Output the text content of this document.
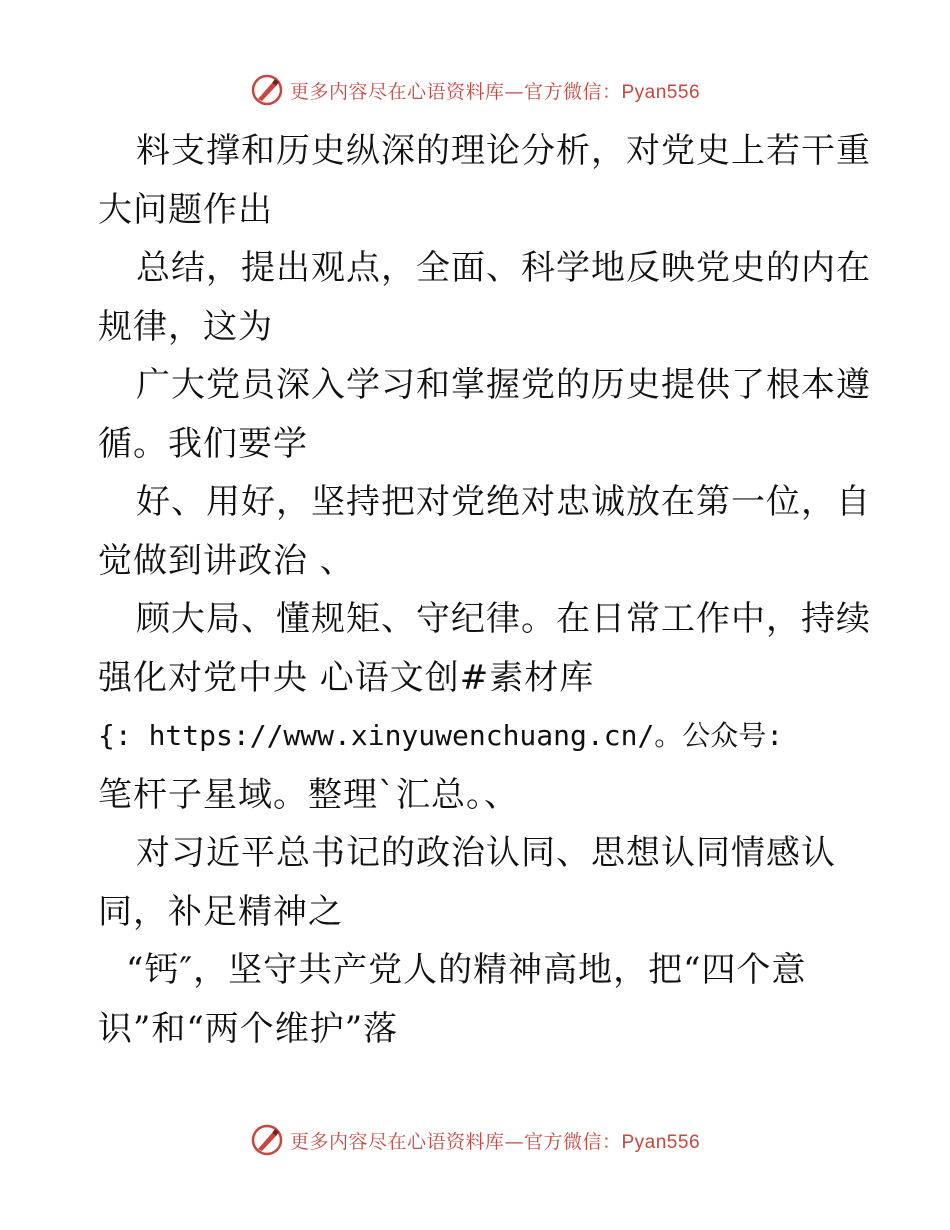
更多内容尽在心语资料库—官方微信：Pyan556
料支撑和历史纵深的理论分析，对党史上若干重
大问题作出
总结，提出观点，全面、科学地反映党史的内在
规律，这为
广大党员深入学习和掌握党的历史提供了根本遵
循。我们要学
好、用好，坚持把对党绝对忠诚放在第一位，自
觉做到讲政治 、
顾大局、懂规矩、守纪律。在日常工作中，持续
强化对党中央 心语文创#素材库
{: https://www.xinyuwenchuang.cn/。公众号:
笔杆子星域。整理`汇总。、
对习近平总书记的政治认同、思想认同情感认
同，补足精神之
“钙″，坚守共产党人的精神高地，把“四个意
识”和“两个维护”落
更多内容尽在心语资料库—官方微信：Pyan556
